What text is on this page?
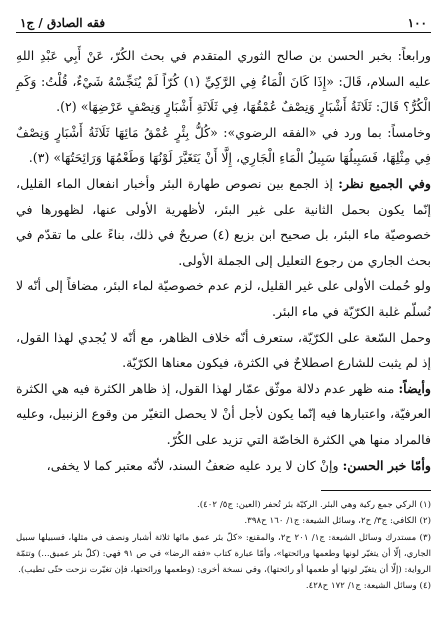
١٠٠
فقه الصادق / ج١

ورابعاً: بخبر الحسن بن صالح الثوري المتقدم في بحث الكُرّ، عَنْ أَبِي عَبْدِ اللهِ عليه السلام، قَالَ: «إِذَا كَانَ الْمَاءُ فِي الرَّكِيِّ (١) كُرّاً لَمْ يُنَجِّسْهُ شَيْءٌ، قُلْتُ: وَكَمِ الْكُرُّ؟ قَالَ: ثَلَاثَةُ أَشْبَارٍ وَنِصْفٌ عُمْقُهَا، فِي ثَلَاثَةِ أَشْبَارٍ وَنِصْفٍ عَرْضِهَا» (٢).

وخامساً: بما ورد في «الفقه الرضوي»: «كُلُّ بِئْرٍ عُمْقُ مَائِهَا ثَلَاثَةُ أَشْبَارٍ وَنِصْفٌ فِي مِثْلِهَا، فَسَبِيلُهَا سَبِيلُ الْمَاءِ الْجَارِي، إِلَّا أَنْ يَتَغَيَّرَ لَوْنُهَا وَطَعْمُهَا وَرَائِحَتُهَا» (٣).

وفي الجميع نظر: إذ الجمع بين نصوص طهارة البئر وأخبار انفعال الماء القليل، إنّما يكون بحمل الثانية على غير البئر، لأظهرية الأولى عنها، لظهورها في خصوصيّة ماء البئر، بل صحيح ابن بزيع (٤) صريحٌ في ذلك، بناءً على ما تقدّم في بحث الجاري من رجوع التعليل إلى الجملة الأولى.

ولو حُملت الأولى على غير القليل، لزم عدم خصوصيّة لماء البئر، مضافاً إلى أنّه لا نُسلّم غلبة الكرّيّة في ماء البئر.

وحمل السّعة على الكرّيّة، ستعرف أنّه خلاف الظاهر، مع أنّه لا يُجدي لهذا القول، إذ لم يثبت للشارع اصطلاحٌ في الكثرة، فيكون معناها الكرّيّة.

وأيضاً: منه ظهر عدم دلالة موثّق عمّار لهذا القول، إذ ظاهر الكثرة فيه هي الكثرة العرفيّة، واعتبارها فيه إنّما يكون لأجل أنْ لا يحصل التغيّر من وقوع الزنبيل، وعليه فالمراد منها هي الكثرة الخاصّة التي تزيد على الكُرّ.

وأمّا خبر الحسن: وإنْ كان لا يرد عليه ضعفُ السند، لأنّه معتبر كما لا يخفى،

(١) الركي جمع ركية وهي البئر. الركيّة بئر تُحفر (العين: ج٥/ ٤٠٢).

(٢) الكافي: ج٣/ ح٢، وسائل الشيعة: ج١/ ١٦٠ ح٣٩٨.

(٣) مستدرك وسائل الشيعة: ج١/ ٢٠١ ح٢، والمقنع: «كلّ بئر عمق مائها ثلاثة أشبار ونصف في مثلها، فسبيلها سبيل الجاري، إلّا أن يتغيّر لونها وطعمها ورائحتها»، وأمّا عبارة كتاب «فقه الرضا» في ص ٩١ فهي: (كلّ بئر عميق...) وتتمّة الرواية: (إلّا أن يتغيّر لونها أو طعمها أو رائحتها)، وفي نسخة أخرى: (وطعمها ورائحتها، فإن تغيّرت نزحت حتّى تطيب).

(٤) وسائل الشيعة: ج١/ ١٧٢ ح٤٢٨.
